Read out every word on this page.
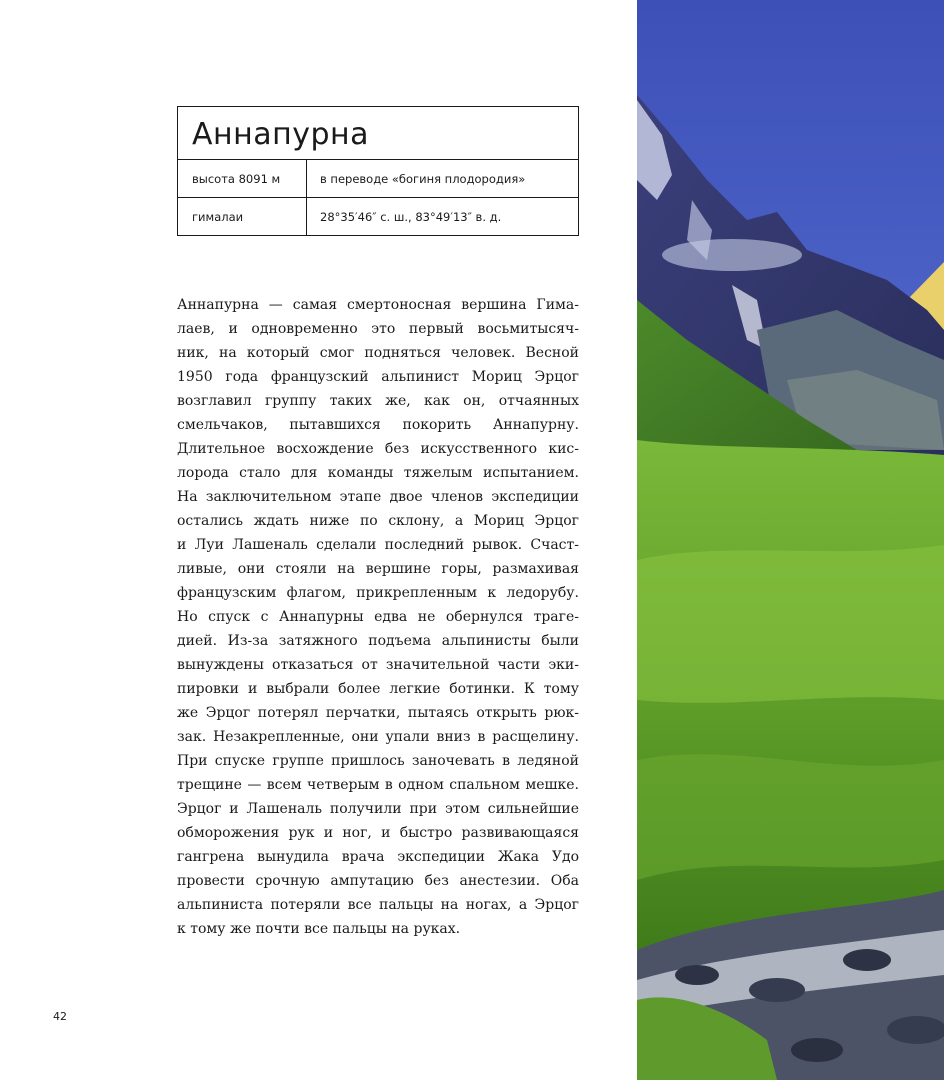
Аннапурна
высота 8091 м	в переводе «богиня плодородия»
гималаи	28°35′46″ с. ш., 83°49′13″ в. д.
Аннапурна — самая смертоносная вершина Гима-
лаев, и одновременно это первый восьмитысяч-
ник, на который смог подняться человек. Весной
1950 года французский альпинист Мориц Эрцог
возглавил группу таких же, как он, отчаянных
смельчаков, пытавшихся покорить Аннапурну.
Длительное восхождение без искусственного кис-
лорода стало для команды тяжелым испытанием.
На заключительном этапе двое членов экспедиции
остались ждать ниже по склону, а Мориц Эрцог
и Луи Лашеналь сделали последний рывок. Счаст-
ливые, они стояли на вершине горы, размахивая
французским флагом, прикрепленным к ледорубу.
Но спуск с Аннапурны едва не обернулся траге-
дией. Из-за затяжного подъема альпинисты были
вынуждены отказаться от значительной части эки-
пировки и выбрали более легкие ботинки. К тому
же Эрцог потерял перчатки, пытаясь открыть рюк-
зак. Незакрепленные, они упали вниз в расщелину.
При спуске группе пришлось заночевать в ледяной
трещине — всем четверым в одном спальном мешке.
Эрцог и Лашеналь получили при этом сильнейшие
обморожения рук и ног, и быстро развивающаяся
гангрена вынудила врача экспедиции Жака Удо
провести срочную ампутацию без анестезии. Оба
альпиниста потеряли все пальцы на ногах, а Эрцог
к тому же почти все пальцы на руках.
42
